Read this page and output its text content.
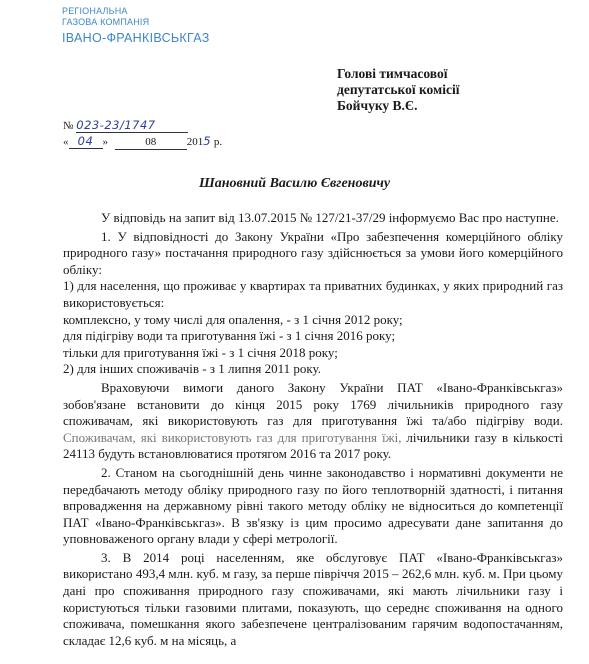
РЕГІОНАЛЬНА
ГАЗОВА КОМПАНІЯ
ІВАНО-ФРАНКІВСЬКГАЗ
Голові тимчасової
депутатської комісії
Бойчуку В.Є.
№ 023-23/1747
« 04 »	08	2015 р.
Шановний Василю Євгеновичу

У відповідь на запит від 13.07.2015 № 127/21-37/29 інформуємо Вас про наступне.

1. У відповідності до Закону України «Про забезпечення комерційного обліку природного газу» постачання природного газу здійснюється за умови його комерційного обліку:

1) для населення, що проживає у квартирах та приватних будинках, у яких природний газ використовується:

комплексно, у тому числі для опалення, - з 1 січня 2012 року;

для підігріву води та приготування їжі - з 1 січня 2016 року;

тільки для приготування їжі - з 1 січня 2018 року;

2) для інших споживачів - з 1 липня 2011 року.

Враховуючи вимоги даного Закону України ПАТ «Івано-Франківськгаз» зобов'язане встановити до кінця 2015 року 1769 лічильників природного газу споживачам, які використовують газ для приготування їжі та/або підігріву води. Споживачам, які використовують газ для приготування їжі, лічильники газу в кількості 24113 будуть встановлюватися протягом 2016 та 2017 року.

2. Станом на сьогоднішній день чинне законодавство і нормативні документи не передбачають методу обліку природного газу по його теплотворній здатності, і питання впровадження на державному рівні такого методу обліку не відноситься до компетенції ПАТ «Івано-Франківськгаз». В зв'язку із цим просимо адресувати дане запитання до уповноваженого органу влади у сфері метрології.

3. В 2014 році населенням, яке обслуговує ПАТ «Івано-Франківськгаз» використано 493,4 млн. куб. м газу, за перше півріччя 2015 – 262,6 млн. куб. м. При цьому дані про споживання природного газу споживачами, які мають лічильники газу і користуються тільки газовими плитами, показують, що середнє споживання на одного споживача, помешкання якого забезпечене централізованим гарячим водопостачанням, складає 12,6 куб. м на місяць, а
